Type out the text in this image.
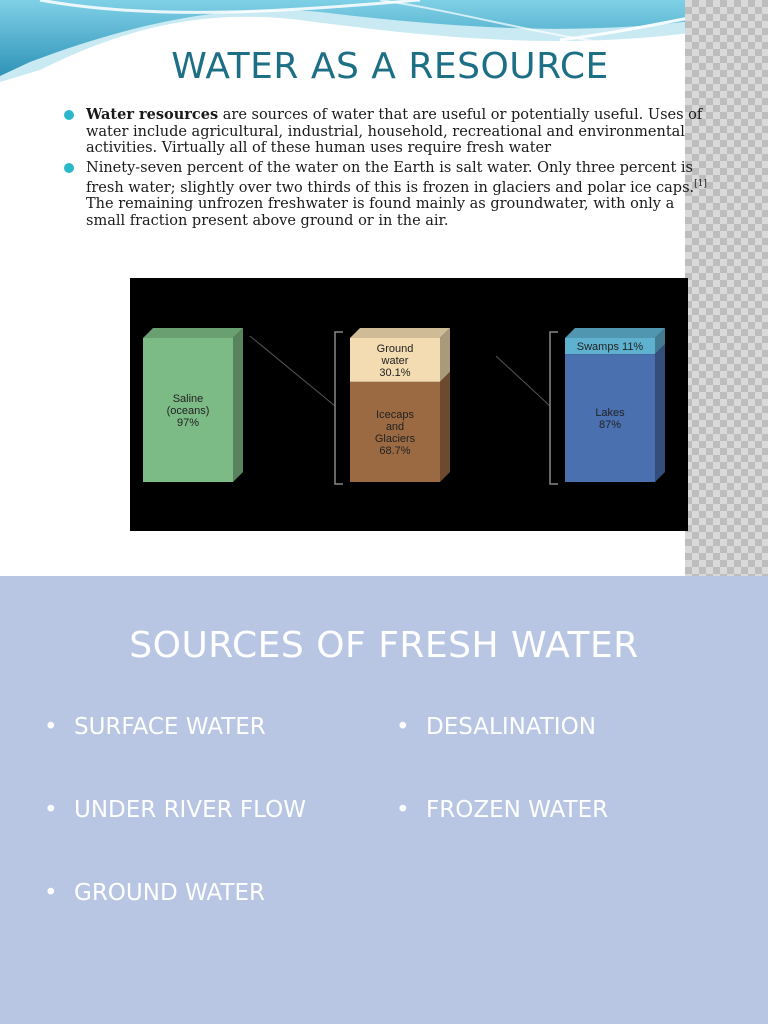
WATER AS A RESOURCE
Water resources are sources of water that are useful or potentially useful. Uses of water include agricultural, industrial, household, recreational and environmental activities. Virtually all of these human uses require fresh water
Ninety-seven percent of the water on the Earth is salt water. Only three percent is fresh water; slightly over two thirds of this is frozen in glaciers and polar ice caps.[1] The remaining unfrozen freshwater is found mainly as groundwater, with only a small fraction present above ground or in the air.
Saline (oceans) 97%
Ground water 30.1%
Icecaps and Glaciers 68.7%
Swamps 11%
Lakes 87%
SOURCES OF FRESH WATER
• SURFACE WATER
• UNDER RIVER FLOW
• GROUND WATER
• DESALINATION
• FROZEN WATER
